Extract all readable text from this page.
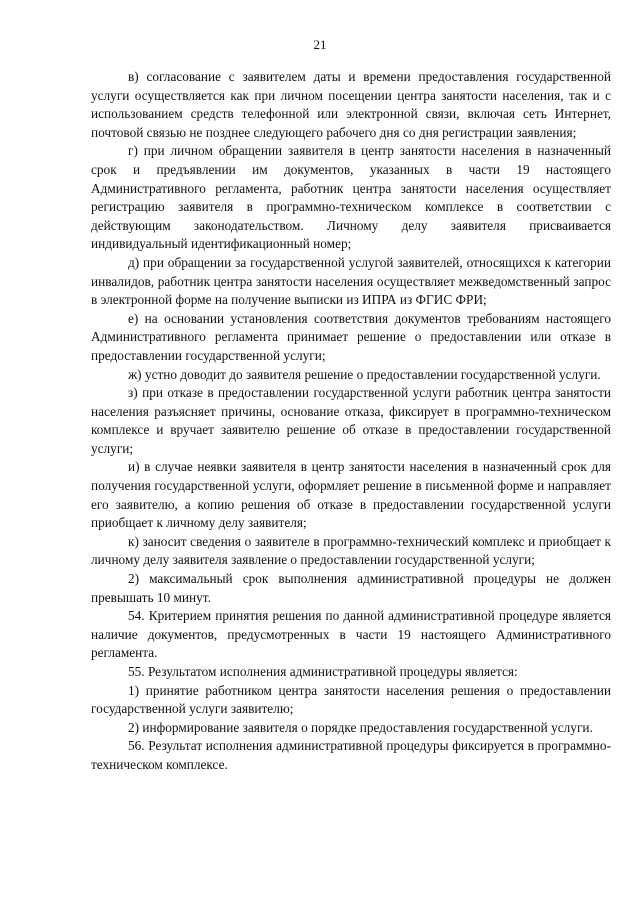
21

в) согласование с заявителем даты и времени предоставления государственной услуги осуществляется как при личном посещении центра занятости населения, так и с использованием средств телефонной или электронной связи, включая сеть Интернет, почтовой связью не позднее следующего рабочего дня со дня регистрации заявления;

г) при личном обращении заявителя в центр занятости населения в назначенный срок и предъявлении им документов, указанных в части 19 настоящего Административного регламента, работник центра занятости населения осуществляет регистрацию заявителя в программно-техническом комплексе в соответствии с действующим законодательством. Личному делу заявителя присваивается индивидуальный идентификационный номер;

д) при обращении за государственной услугой заявителей, относящихся к категории инвалидов, работник центра занятости населения осуществляет межведомственный запрос в электронной форме на получение выписки из ИПРА из ФГИС ФРИ;

е) на основании установления соответствия документов требованиям настоящего Административного регламента принимает решение о предоставлении или отказе в предоставлении государственной услуги;

ж) устно доводит до заявителя решение о предоставлении государственной услуги.

з) при отказе в предоставлении государственной услуги работник центра занятости населения разъясняет причины, основание отказа, фиксирует в программно-техническом комплексе и вручает заявителю решение об отказе в предоставлении государственной услуги;

и) в случае неявки заявителя в центр занятости населения в назначенный срок для получения государственной услуги, оформляет решение в письменной форме и направляет его заявителю, а копию решения об отказе в предоставлении государственной услуги приобщает к личному делу заявителя;

к) заносит сведения о заявителе в программно-технический комплекс и приобщает к личному делу заявителя заявление о предоставлении государственной услуги;

2) максимальный срок выполнения административной процедуры не должен превышать 10 минут.

54. Критерием принятия решения по данной административной процедуре является наличие документов, предусмотренных в части 19 настоящего Административного регламента.

55. Результатом исполнения административной процедуры является:

1) принятие работником центра занятости населения решения о предоставлении государственной услуги заявителю;

2) информирование заявителя о порядке предоставления государственной услуги.

56. Результат исполнения административной процедуры фиксируется в программно-техническом комплексе.
